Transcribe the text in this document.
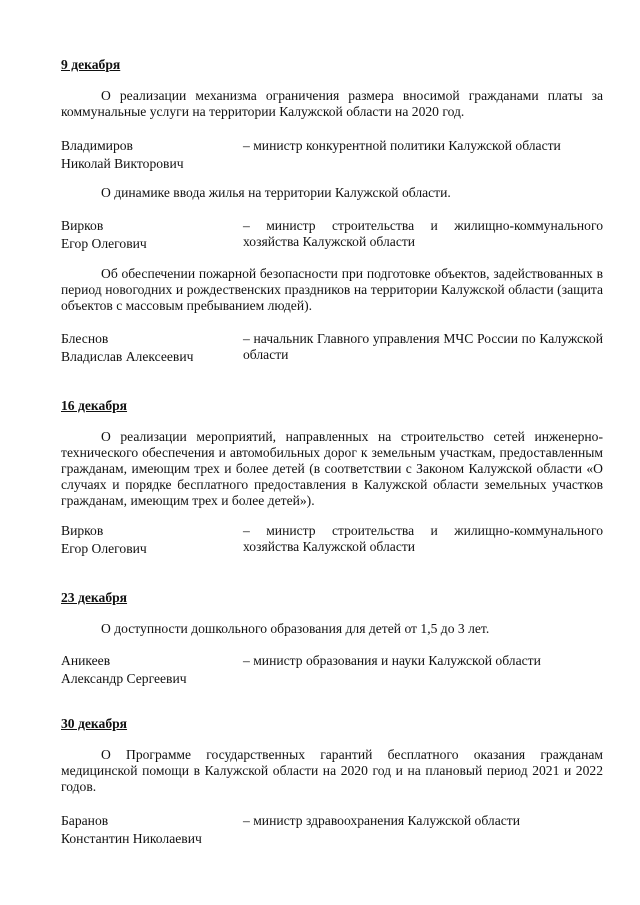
9 декабря
О реализации механизма ограничения размера вносимой гражданами платы за коммунальные услуги на территории Калужской области на 2020 год.
Владимиров
Николай Викторович
– министр конкурентной политики Калужской области
О динамике ввода жилья на территории Калужской области.
Вирков
Егор Олегович
– министр строительства и жилищно-коммунального хозяйства Калужской области
Об обеспечении пожарной безопасности при подготовке объектов, задействованных в период новогодних и рождественских праздников на территории Калужской области (защита объектов с массовым пребыванием людей).
Блеснов
Владислав Алексеевич
– начальник Главного управления МЧС России по Калужской области
16 декабря
О реализации мероприятий, направленных на строительство сетей инженерно-технического обеспечения и автомобильных дорог к земельным участкам, предоставленным гражданам, имеющим трех и более детей (в соответствии с Законом Калужской области «О случаях и порядке бесплатного предоставления в Калужской области земельных участков гражданам, имеющим трех и более детей»).
Вирков
Егор Олегович
– министр строительства и жилищно-коммунального хозяйства Калужской области
23 декабря
О доступности дошкольного образования для детей от 1,5 до 3 лет.
Аникеев
Александр Сергеевич
– министр образования и науки Калужской области
30 декабря
О Программе государственных гарантий бесплатного оказания гражданам медицинской помощи в Калужской области на 2020 год и на плановый период 2021 и 2022 годов.
Баранов
Константин Николаевич
– министр здравоохранения Калужской области
